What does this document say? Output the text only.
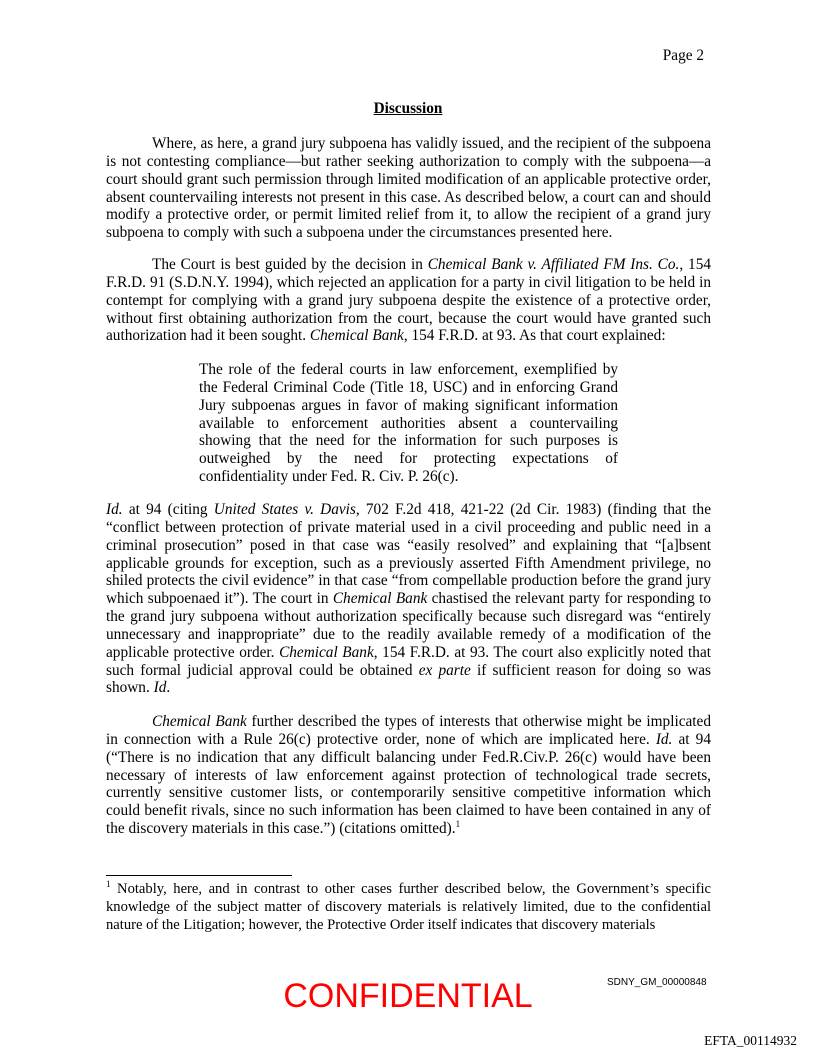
Page 2
Discussion

Where, as here, a grand jury subpoena has validly issued, and the recipient of the subpoena is not contesting compliance—but rather seeking authorization to comply with the subpoena—a court should grant such permission through limited modification of an applicable protective order, absent countervailing interests not present in this case. As described below, a court can and should modify a protective order, or permit limited relief from it, to allow the recipient of a grand jury subpoena to comply with such a subpoena under the circumstances presented here.

The Court is best guided by the decision in Chemical Bank v. Affiliated FM Ins. Co., 154 F.R.D. 91 (S.D.N.Y. 1994), which rejected an application for a party in civil litigation to be held in contempt for complying with a grand jury subpoena despite the existence of a protective order, without first obtaining authorization from the court, because the court would have granted such authorization had it been sought. Chemical Bank, 154 F.R.D. at 93. As that court explained:

The role of the federal courts in law enforcement, exemplified by the Federal Criminal Code (Title 18, USC) and in enforcing Grand Jury subpoenas argues in favor of making significant information available to enforcement authorities absent a countervailing showing that the need for the information for such purposes is outweighed by the need for protecting expectations of confidentiality under Fed. R. Civ. P. 26(c).

Id. at 94 (citing United States v. Davis, 702 F.2d 418, 421-22 (2d Cir. 1983) (finding that the “conflict between protection of private material used in a civil proceeding and public need in a criminal prosecution” posed in that case was “easily resolved” and explaining that “[a]bsent applicable grounds for exception, such as a previously asserted Fifth Amendment privilege, no shiled protects the civil evidence” in that case “from compellable production before the grand jury which subpoenaed it”). The court in Chemical Bank chastised the relevant party for responding to the grand jury subpoena without authorization specifically because such disregard was “entirely unnecessary and inappropriate” due to the readily available remedy of a modification of the applicable protective order. Chemical Bank, 154 F.R.D. at 93. The court also explicitly noted that such formal judicial approval could be obtained ex parte if sufficient reason for doing so was shown. Id.

Chemical Bank further described the types of interests that otherwise might be implicated in connection with a Rule 26(c) protective order, none of which are implicated here. Id. at 94 (“There is no indication that any difficult balancing under Fed.R.Civ.P. 26(c) would have been necessary of interests of law enforcement against protection of technological trade secrets, currently sensitive customer lists, or contemporarily sensitive competitive information which could benefit rivals, since no such information has been claimed to have been contained in any of the discovery materials in this case.”) (citations omitted).$^1$

$^1$ Notably, here, and in contrast to other cases further described below, the Government’s specific knowledge of the subject matter of discovery materials is relatively limited, due to the confidential nature of the Litigation; however, the Protective Order itself indicates that discovery materials

SDNY_GM_00000848
CONFIDENTIAL
EFTA_00114932
